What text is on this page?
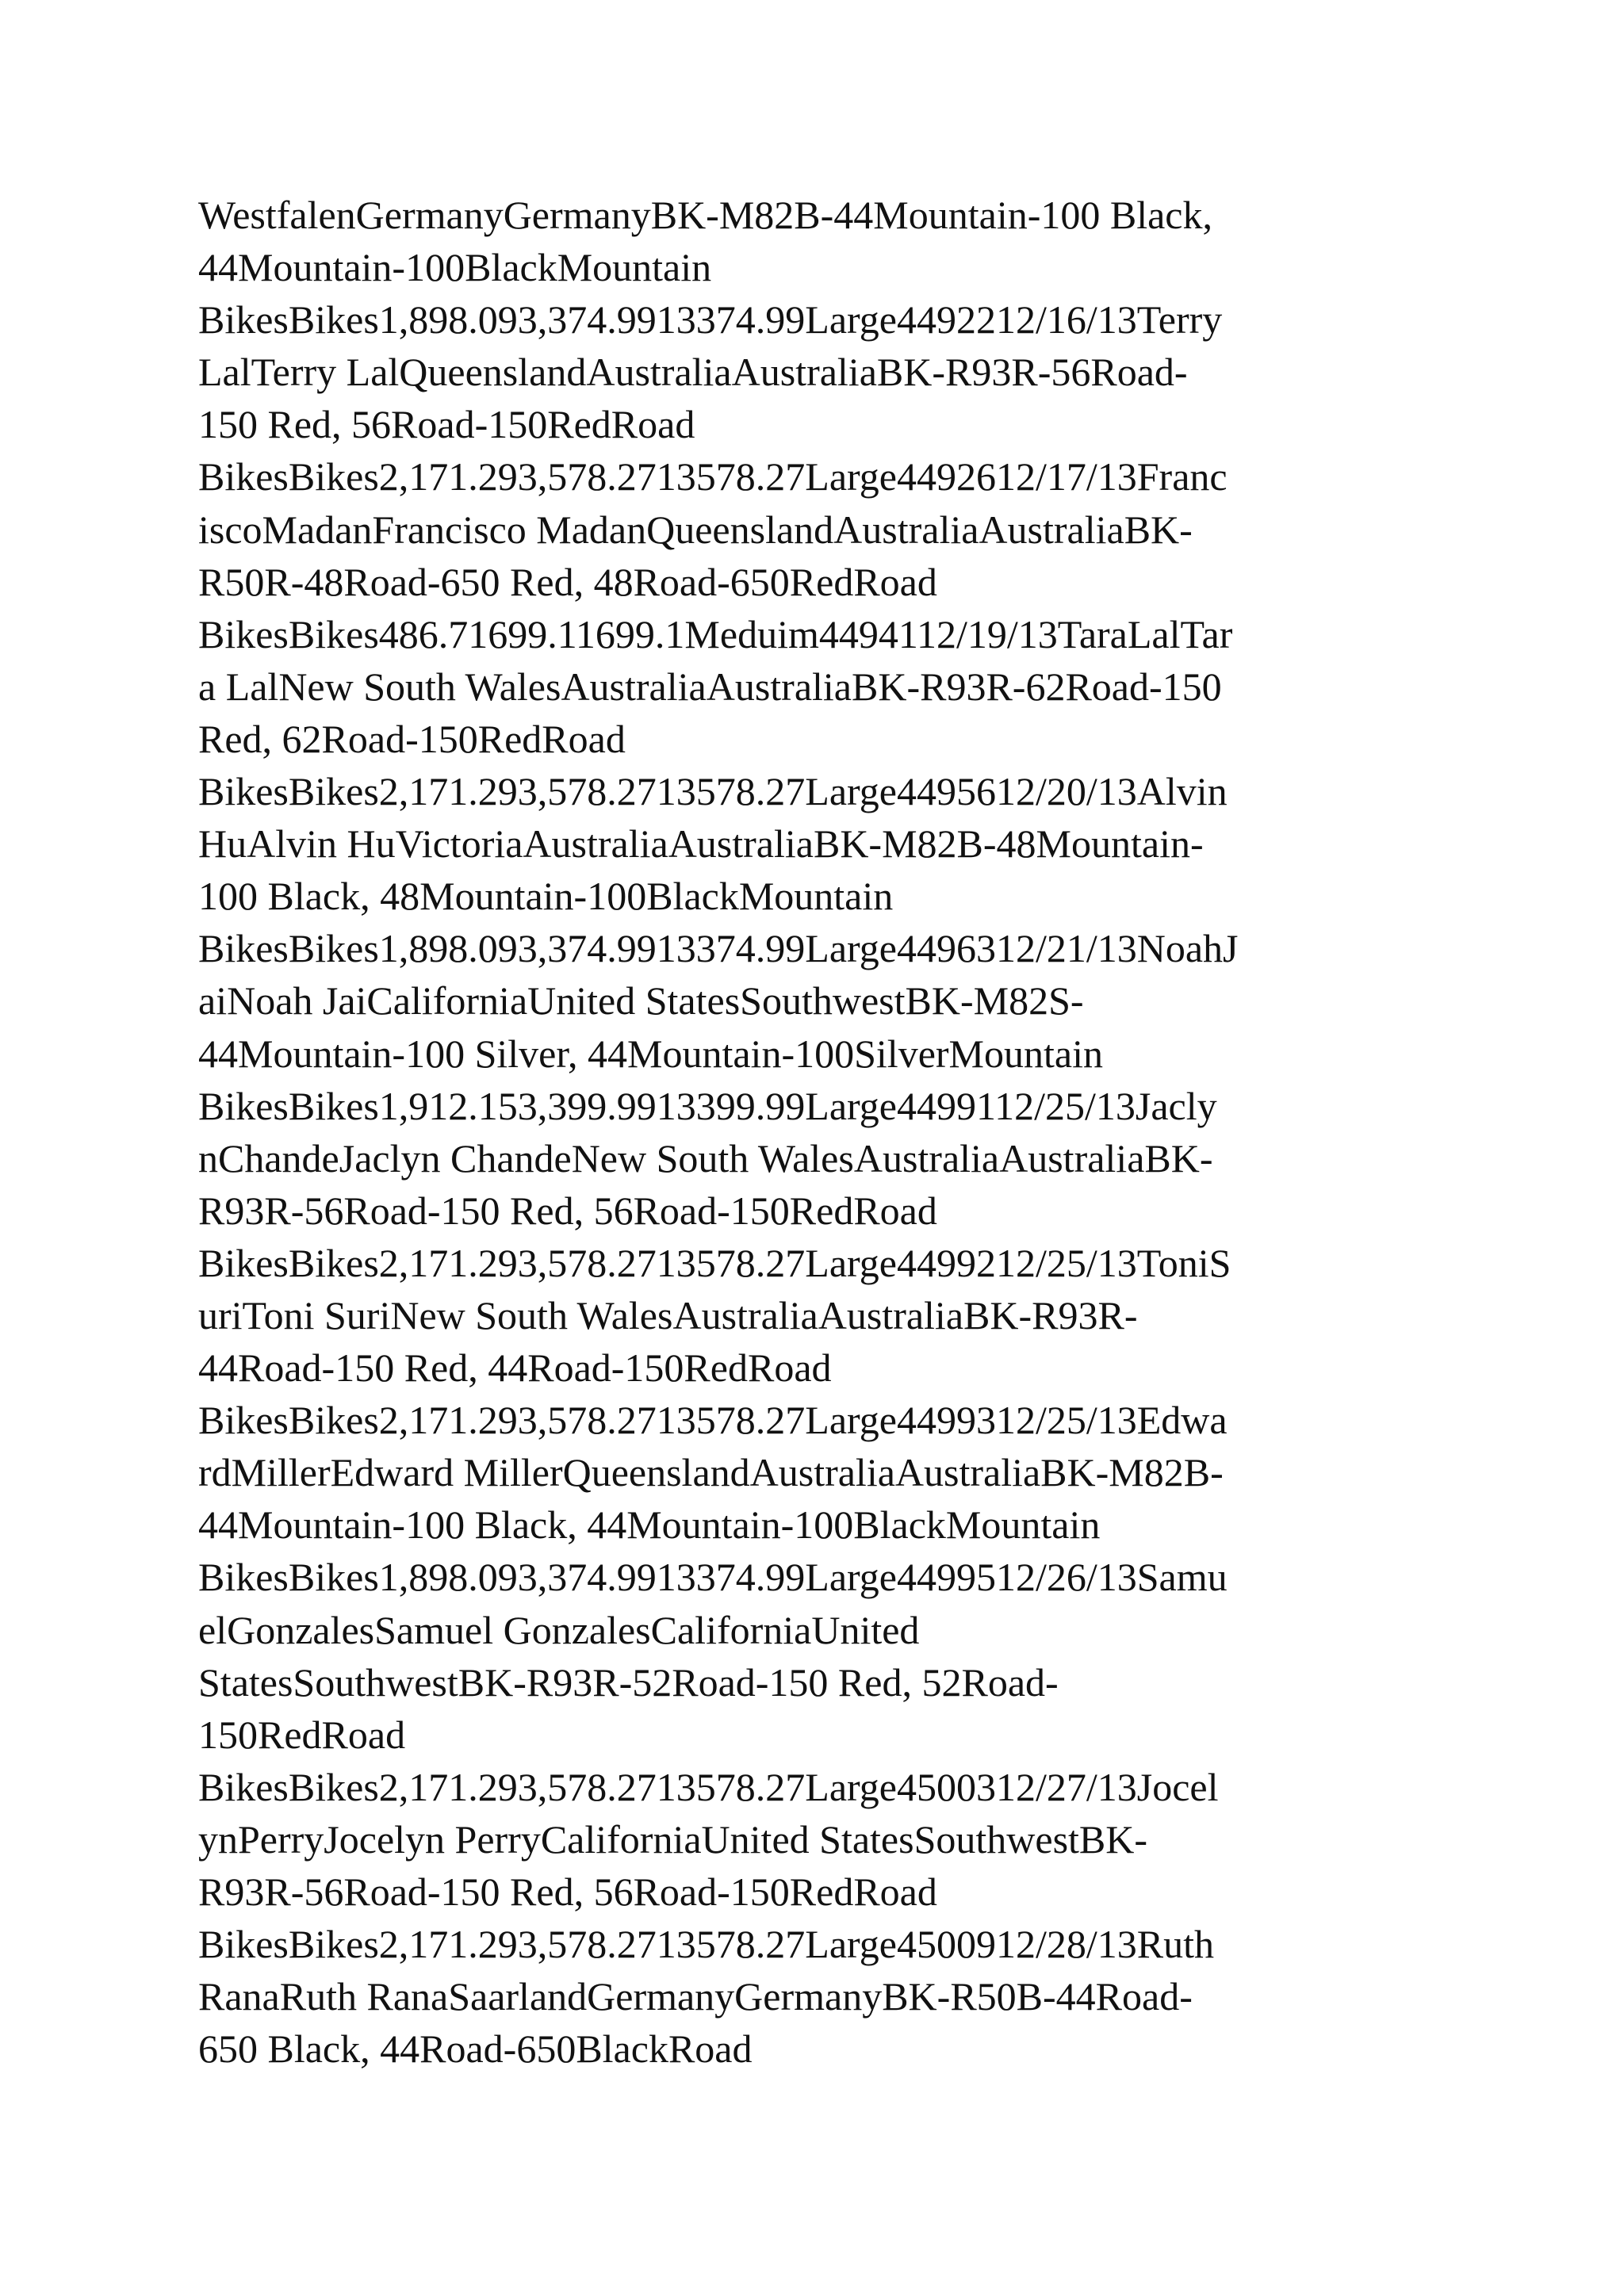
WestfalenGermanyGermanyBK-M82B-44Mountain-100 Black,
44Mountain-100BlackMountain
BikesBikes1,898.093,374.9913374.99Large4492212/16/13Terry
LalTerry LalQueenslandAustraliaAustraliaBK-R93R-56Road-
150 Red, 56Road-150RedRoad
BikesBikes2,171.293,578.2713578.27Large4492612/17/13Franc
iscoMadanFrancisco MadanQueenslandAustraliaAustraliaBK-
R50R-48Road-650 Red, 48Road-650RedRoad
BikesBikes486.71699.11699.1Meduim4494112/19/13TaraLalTar
a LalNew South WalesAustraliaAustraliaBK-R93R-62Road-150
Red, 62Road-150RedRoad
BikesBikes2,171.293,578.2713578.27Large4495612/20/13Alvin
HuAlvin HuVictoriaAustraliaAustraliaBK-M82B-48Mountain-
100 Black, 48Mountain-100BlackMountain
BikesBikes1,898.093,374.9913374.99Large4496312/21/13NoahJ
aiNoah JaiCaliforniaUnited StatesSouthwestBK-M82S-
44Mountain-100 Silver, 44Mountain-100SilverMountain
BikesBikes1,912.153,399.9913399.99Large4499112/25/13Jacly
nChandeJaclyn ChandeNew South WalesAustraliaAustraliaBK-
R93R-56Road-150 Red, 56Road-150RedRoad
BikesBikes2,171.293,578.2713578.27Large4499212/25/13ToniS
uriToni SuriNew South WalesAustraliaAustraliaBK-R93R-
44Road-150 Red, 44Road-150RedRoad
BikesBikes2,171.293,578.2713578.27Large4499312/25/13Edwa
rdMillerEdward MillerQueenslandAustraliaAustraliaBK-M82B-
44Mountain-100 Black, 44Mountain-100BlackMountain
BikesBikes1,898.093,374.9913374.99Large4499512/26/13Samu
elGonzalesSamuel GonzalesCaliforniaUnited
StatesSouthwestBK-R93R-52Road-150 Red, 52Road-
150RedRoad
BikesBikes2,171.293,578.2713578.27Large4500312/27/13Jocel
ynPerryJocelyn PerryCaliforniaUnited StatesSouthwestBK-
R93R-56Road-150 Red, 56Road-150RedRoad
BikesBikes2,171.293,578.2713578.27Large4500912/28/13Ruth
RanaRuth RanaSaarlandGermanyGermanyBK-R50B-44Road-
650 Black, 44Road-650BlackRoad
